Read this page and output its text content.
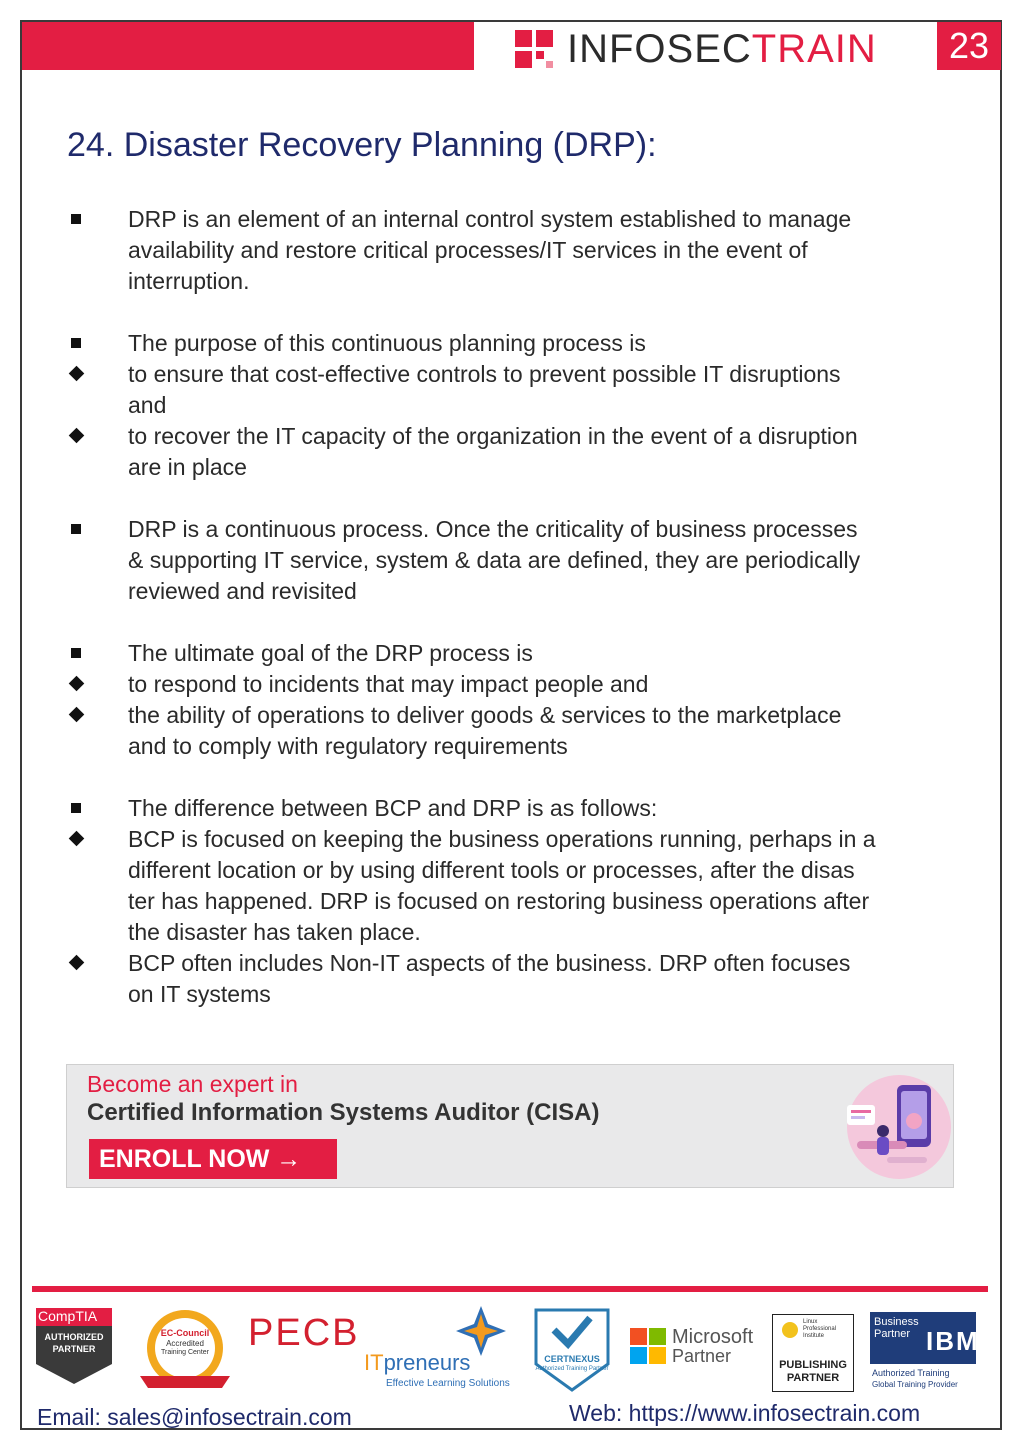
INFOSECTRAIN	23
24. Disaster Recovery Planning (DRP):
DRP is an element of an internal control system established to manage
availability and restore critical processes/IT services in the event of
interruption.
The purpose of this continuous planning process is
to ensure that cost-effective controls to prevent possible IT disruptions
and
to recover the IT capacity of the organization in the event of a disruption
are in place
DRP is a continuous process. Once the criticality of business processes
& supporting IT service, system & data are defined, they are periodically
reviewed and revisited
The ultimate goal of the DRP process is
to respond to incidents that may impact people and
the ability of operations to deliver goods & services to the marketplace
and to comply with regulatory requirements
The difference between BCP and DRP is as follows:
BCP is focused on keeping the business operations running, perhaps in a
different location or by using different tools or processes, after the disas
ter has happened. DRP is focused on restoring business operations after
the disaster has taken place.
BCP often includes Non-IT aspects of the business. DRP often focuses
on IT systems
Become an expert in
Certified Information Systems Auditor (CISA)
ENROLL NOW →
CompTIA
AUTHORIZED
PARTNER
EC-Council
Accredited
Training Center	PECB
ITpreneurs
Effective Learning Solutions
CERTNEXUS
Authorized Training Partner
Microsoft
Partner
Linux
Professional
Institute
PUBLISHING
PARTNER
Business
Partner IBM
Authorized Training
Global Training Provider
Email: sales@infosectrain.com	Web: https://www.infosectrain.com
